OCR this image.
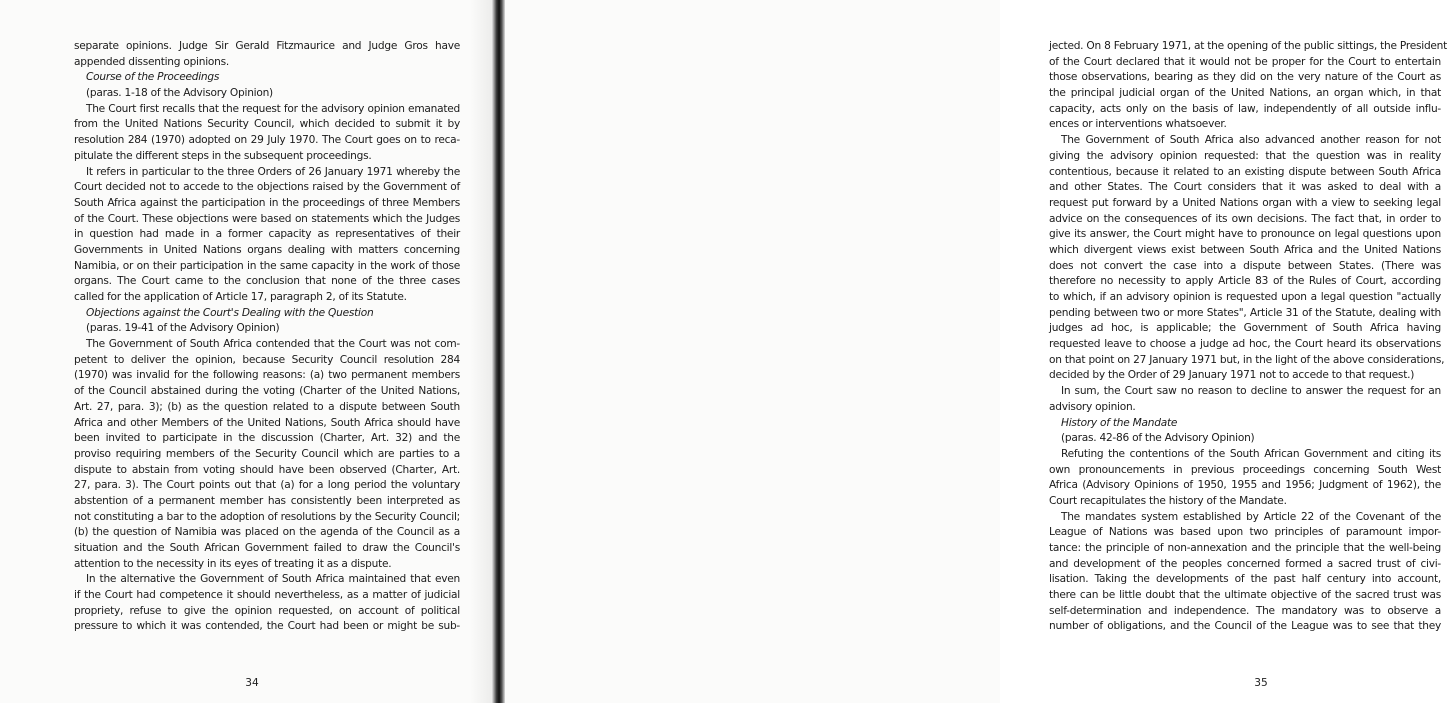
separate opinions. Judge Sir Gerald Fitzmaurice and Judge Gros have
appended dissenting opinions.
Course of the Proceedings
(paras. 1-18 of the Advisory Opinion)
The Court first recalls that the request for the advisory opinion emanated
from the United Nations Security Council, which decided to submit it by
resolution 284 (1970) adopted on 29 July 1970. The Court goes on to reca-
pitulate the different steps in the subsequent proceedings.
It refers in particular to the three Orders of 26 January 1971 whereby the
Court decided not to accede to the objections raised by the Government of
South Africa against the participation in the proceedings of three Members
of the Court. These objections were based on statements which the Judges
in question had made in a former capacity as representatives of their
Governments in United Nations organs dealing with matters concerning
Namibia, or on their participation in the same capacity in the work of those
organs. The Court came to the conclusion that none of the three cases
called for the application of Article 17, paragraph 2, of its Statute.
Objections against the Court's Dealing with the Question
(paras. 19-41 of the Advisory Opinion)
The Government of South Africa contended that the Court was not com-
petent to deliver the opinion, because Security Council resolution 284
(1970) was invalid for the following reasons: (a) two permanent members
of the Council abstained during the voting (Charter of the United Nations,
Art. 27, para. 3); (b) as the question related to a dispute between South
Africa and other Members of the United Nations, South Africa should have
been invited to participate in the discussion (Charter, Art. 32) and the
proviso requiring members of the Security Council which are parties to a
dispute to abstain from voting should have been observed (Charter, Art.
27, para. 3). The Court points out that (a) for a long period the voluntary
abstention of a permanent member has consistently been interpreted as
not constituting a bar to the adoption of resolutions by the Security Council;
(b) the question of Namibia was placed on the agenda of the Council as a
situation and the South African Government failed to draw the Council's
attention to the necessity in its eyes of treating it as a dispute.
In the alternative the Government of South Africa maintained that even
if the Court had competence it should nevertheless, as a matter of judicial
propriety, refuse to give the opinion requested, on account of political
pressure to which it was contended, the Court had been or might be sub-
34
jected. On 8 February 1971, at the opening of the public sittings, the President
of the Court declared that it would not be proper for the Court to entertain
those observations, bearing as they did on the very nature of the Court as
the principal judicial organ of the United Nations, an organ which, in that
capacity, acts only on the basis of law, independently of all outside influ-
ences or interventions whatsoever.
The Government of South Africa also advanced another reason for not
giving the advisory opinion requested: that the question was in reality
contentious, because it related to an existing dispute between South Africa
and other States. The Court considers that it was asked to deal with a
request put forward by a United Nations organ with a view to seeking legal
advice on the consequences of its own decisions. The fact that, in order to
give its answer, the Court might have to pronounce on legal questions upon
which divergent views exist between South Africa and the United Nations
does not convert the case into a dispute between States. (There was
therefore no necessity to apply Article 83 of the Rules of Court, according
to which, if an advisory opinion is requested upon a legal question "actually
pending between two or more States", Article 31 of the Statute, dealing with
judges ad hoc, is applicable; the Government of South Africa having
requested leave to choose a judge ad hoc, the Court heard its observations
on that point on 27 January 1971 but, in the light of the above considerations,
decided by the Order of 29 January 1971 not to accede to that request.)
In sum, the Court saw no reason to decline to answer the request for an
advisory opinion.
History of the Mandate
(paras. 42-86 of the Advisory Opinion)
Refuting the contentions of the South African Government and citing its
own pronouncements in previous proceedings concerning South West
Africa (Advisory Opinions of 1950, 1955 and 1956; Judgment of 1962), the
Court recapitulates the history of the Mandate.
The mandates system established by Article 22 of the Covenant of the
League of Nations was based upon two principles of paramount impor-
tance: the principle of non-annexation and the principle that the well-being
and development of the peoples concerned formed a sacred trust of civi-
lisation. Taking the developments of the past half century into account,
there can be little doubt that the ultimate objective of the sacred trust was
self-determination and independence. The mandatory was to observe a
number of obligations, and the Council of the League was to see that they
35
